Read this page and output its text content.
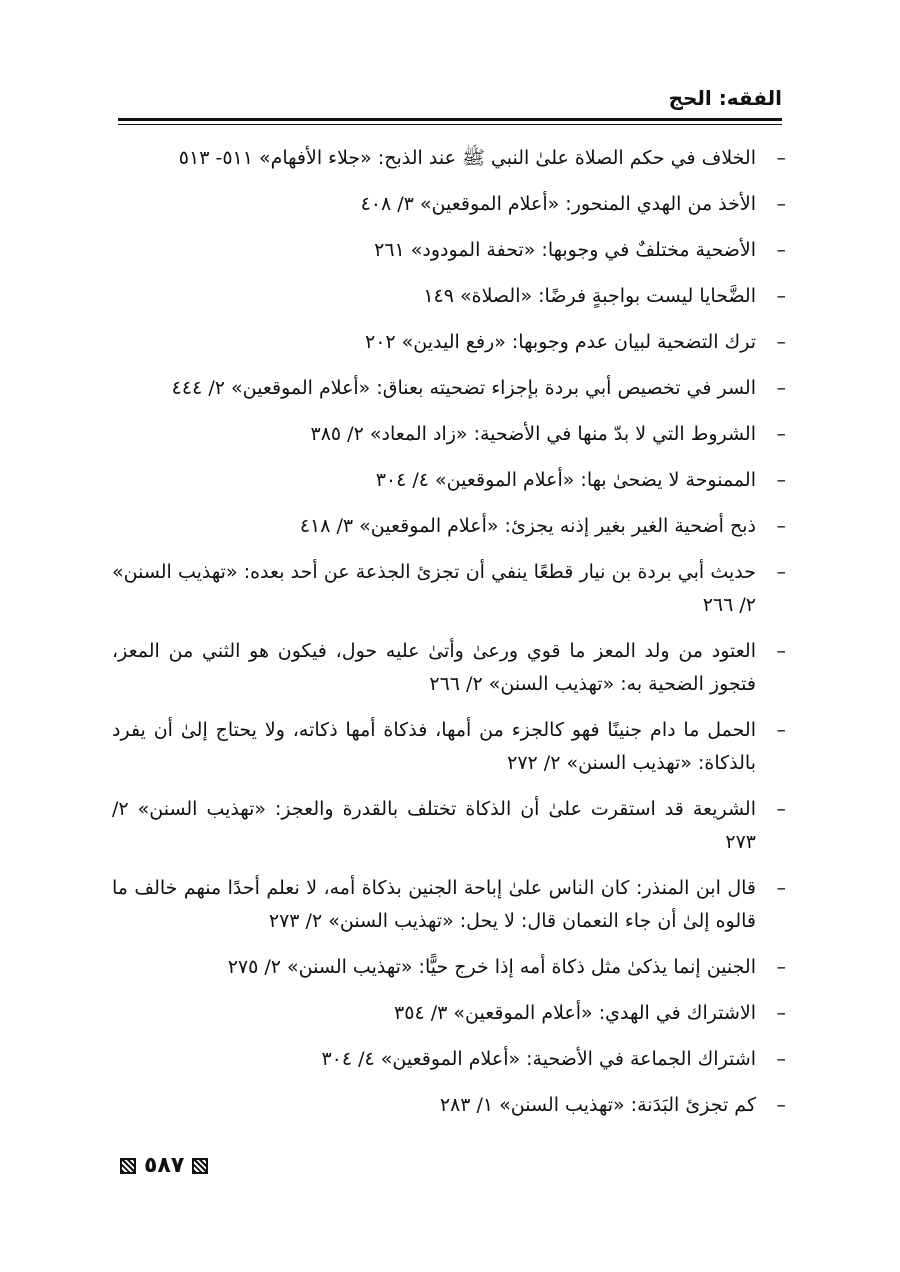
الفقه: الحج
–
الخلاف في حكم الصلاة علىٰ النبي ﷺ عند الذبح: «جلاء الأفهام» ٥١١- ٥١٣
–
الأخذ من الهدي المنحور: «أعلام الموقعين» ٣/ ٤٠٨
–
الأضحية مختلفٌ في وجوبها: «تحفة المودود» ٢٦١
–
الضَّحايا ليست بواجبةٍ فرضًا: «الصلاة» ١٤٩
–
ترك التضحية لبيان عدم وجوبها: «رفع اليدين» ٢٠٢
–
السر في تخصيص أبي بردة بإجزاء تضحيته بعناق: «أعلام الموقعين» ٢/ ٤٤٤
–
الشروط التي لا بدّ منها في الأضحية: «زاد المعاد» ٢/ ٣٨٥
–
الممنوحة لا يضحىٰ بها: «أعلام الموقعين» ٤/ ٣٠٤
–
ذبح أضحية الغير بغير إذنه يجزئ: «أعلام الموقعين» ٣/ ٤١٨
–
حديث أبي بردة بن نيار قطعًا ينفي أن تجزئ الجذعة عن أحد بعده: «تهذيب السنن» ٢/ ٢٦٦
–
العتود من ولد المعز ما قوي ورعىٰ وأتىٰ عليه حول، فيكون هو الثني من المعز، فتجوز الضحية به: «تهذيب السنن» ٢/ ٢٦٦
–
الحمل ما دام جنينًا فهو كالجزء من أمها، فذكاة أمها ذكاته، ولا يحتاج إلىٰ أن يفرد بالذكاة: «تهذيب السنن» ٢/ ٢٧٢
–
الشريعة قد استقرت علىٰ أن الذكاة تختلف بالقدرة والعجز: «تهذيب السنن» ٢/ ٢٧٣
–
قال ابن المنذر: كان الناس علىٰ إباحة الجنين بذكاة أمه، لا نعلم أحدًا منهم خالف ما قالوه إلىٰ أن جاء النعمان قال: لا يحل: «تهذيب السنن» ٢/ ٢٧٣
–
الجنين إنما يذكىٰ مثل ذكاة أمه إذا خرج حيًّا: «تهذيب السنن» ٢/ ٢٧٥
–
الاشتراك في الهدي: «أعلام الموقعين» ٣/ ٣٥٤
–
اشتراك الجماعة في الأضحية: «أعلام الموقعين» ٤/ ٣٠٤
–
كم تجزئ البَدَنة: «تهذيب السنن» ١/ ٢٨٣
٥٨٧
